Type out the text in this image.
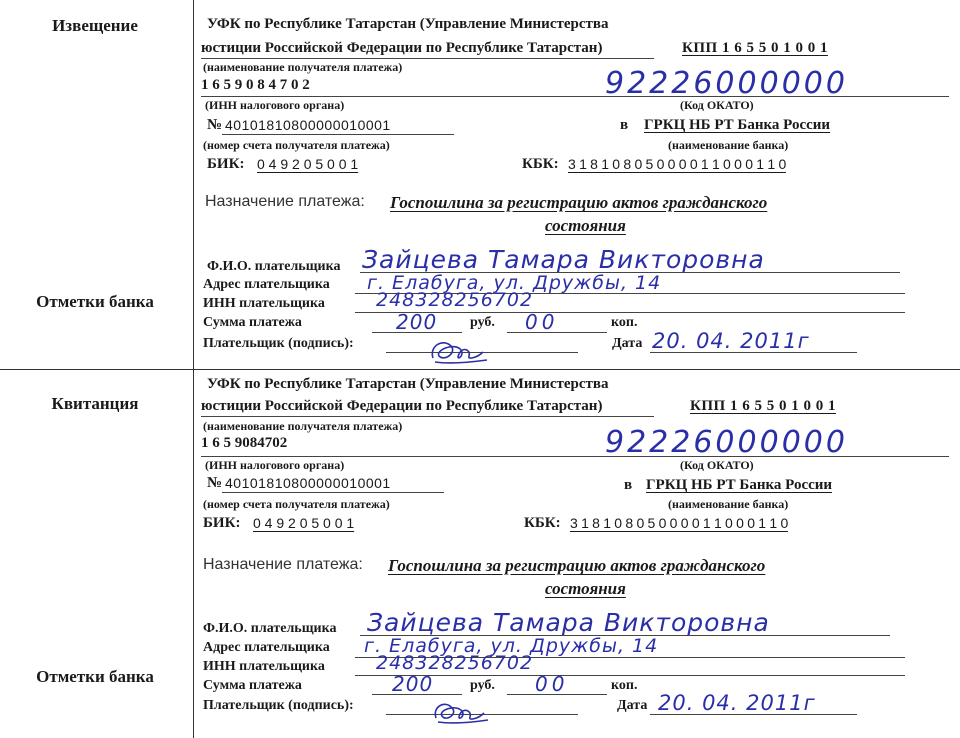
Извещение
Отметки банка
Квитанция
Отметки банка
УФК по Республике Татарстан (Управление Министерства
юстиции Российской Федерации по Республике Татарстан)	КПП 1 6 5 5 0 1 0 0 1
(наименование получателя платежа)
1 6 5 9 0 8 4 7 0 2	92226000000
(ИНН налогового органа)	(Код ОКАТО)
№ 40101810800000010001	в ГРКЦ НБ РТ Банка России
(номер счета получателя платежа)	(наименование банка)
БИК: 0 4 9 2 0 5 0 0 1	КБК: 3 1 8 1 0 8 0 5 0 0 0 0 1 1 0 0 0 1 1 0
Назначение платежа: Госпошлина за регистрацию актов гражданского
состояния
Ф.И.О. плательщика Зайцева Тамара Викторовна
Адрес плательщика г. Елабуга, ул. Дружбы, 14
ИНН плательщика	248328256702
Сумма платежа	200 руб. 00	коп.
Плательщик (подпись):	Дата 20. 04. 2011г
УФК по Республике Татарстан (Управление Министерства
юстиции Российской Федерации по Республике Татарстан)	КПП 1 6 5 5 0 1 0 0 1
(наименование получателя платежа)
1 6 5 9084702	92226000000
(ИНН налогового органа)	(Код ОКАТО)
№ 40101810800000010001	в ГРКЦ НБ РТ Банка России
(номер счета получателя платежа)	(наименование банка)
БИК: 0 4 9 2 0 5 0 0 1	КБК: 3 1 8 1 0 8 0 5 0 0 0 0 1 1 0 0 0 1 1 0
Назначение платежа: Госпошлина за регистрацию актов гражданского
состояния
Ф.И.О. плательщика Зайцева Тамара Викторовна
Адрес плательщика г. Елабуга, ул. Дружбы, 14
ИНН плательщика	248328256702
Сумма платежа	200	руб. 00	коп.
Плательщик (подпись):	Дата 20. 04. 2011г
